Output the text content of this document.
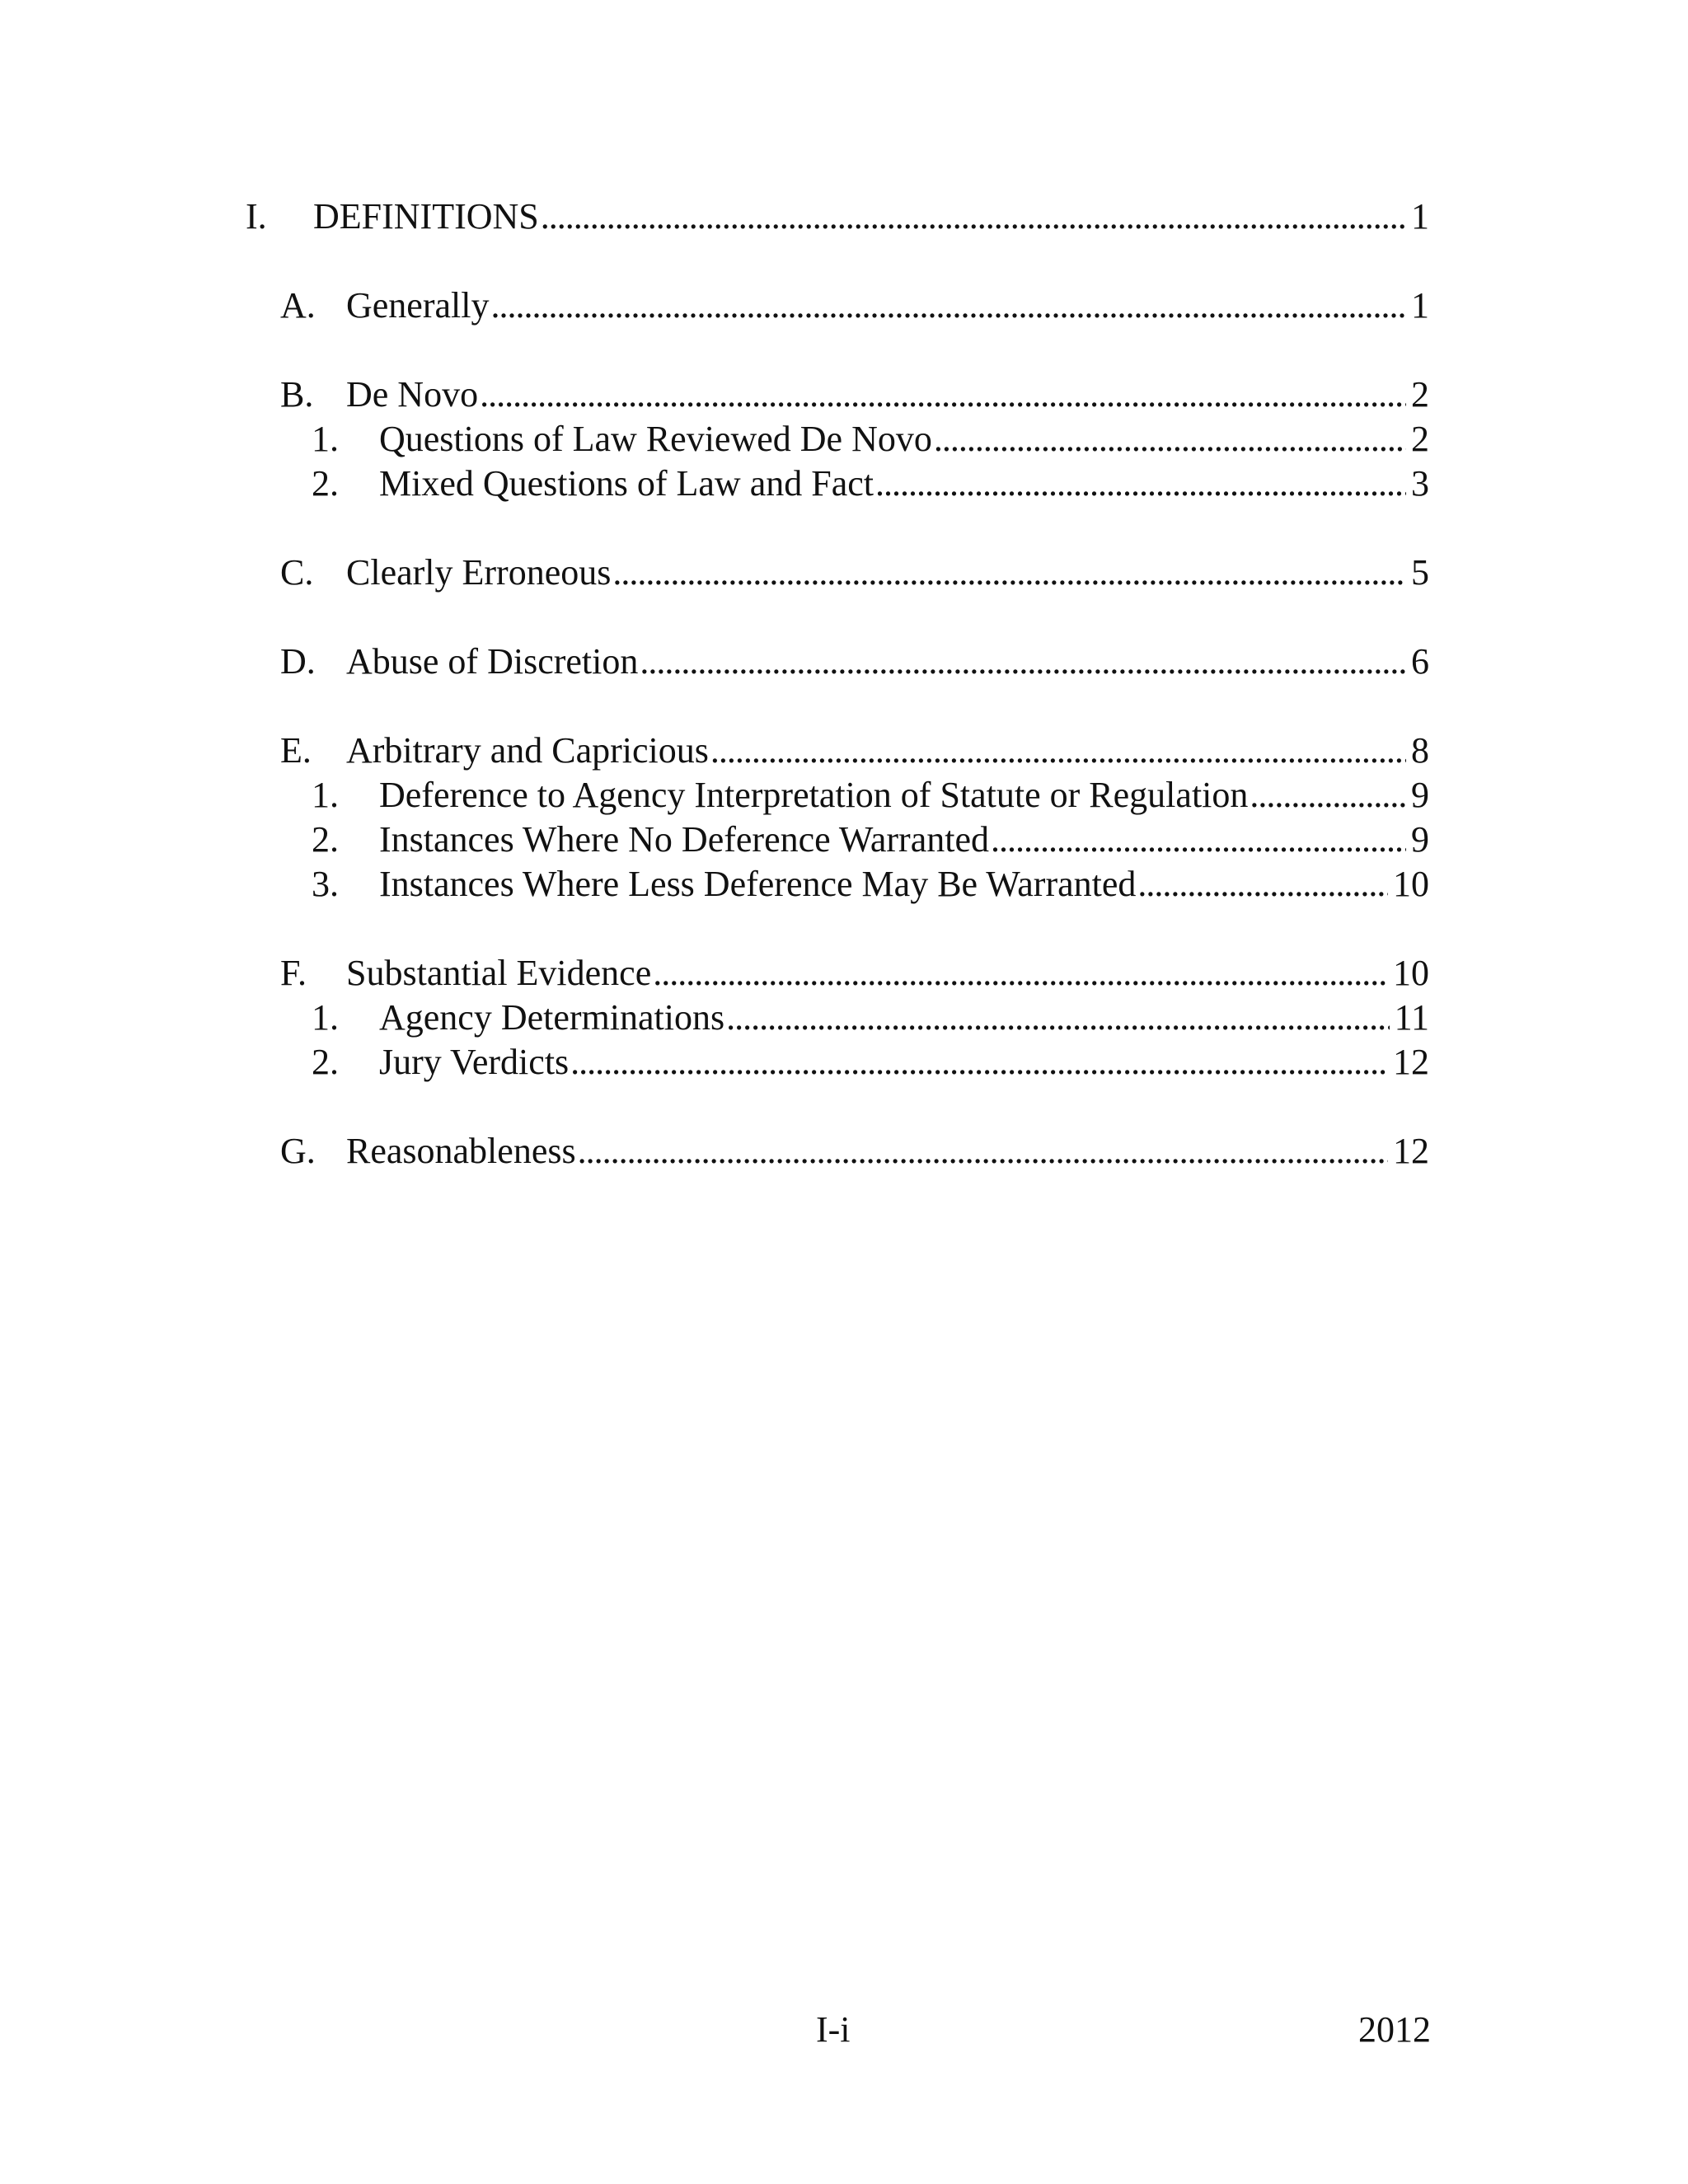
I.	DEFINITIONS . . .	1
A. Generally . . .	1
B. De Novo . . .	2
1.	Questions of Law Reviewed De Novo . . .	2
2.	Mixed Questions of Law and Fact . . .	3
C. Clearly Erroneous . . .	5
D. Abuse of Discretion . . .	6
E. Arbitrary and Capricious . . .	8
1.	Deference to Agency Interpretation of Statute or Regulation . . .	9
2.	Instances Where No Deference Warranted . . .	9
3.	Instances Where Less Deference May Be Warranted . . .	10
F.	Substantial Evidence . . .	10
1.	Agency Determinations . . .	11
2.	Jury Verdicts . . .	12
G. Reasonableness . . .	12
I-i	2012
